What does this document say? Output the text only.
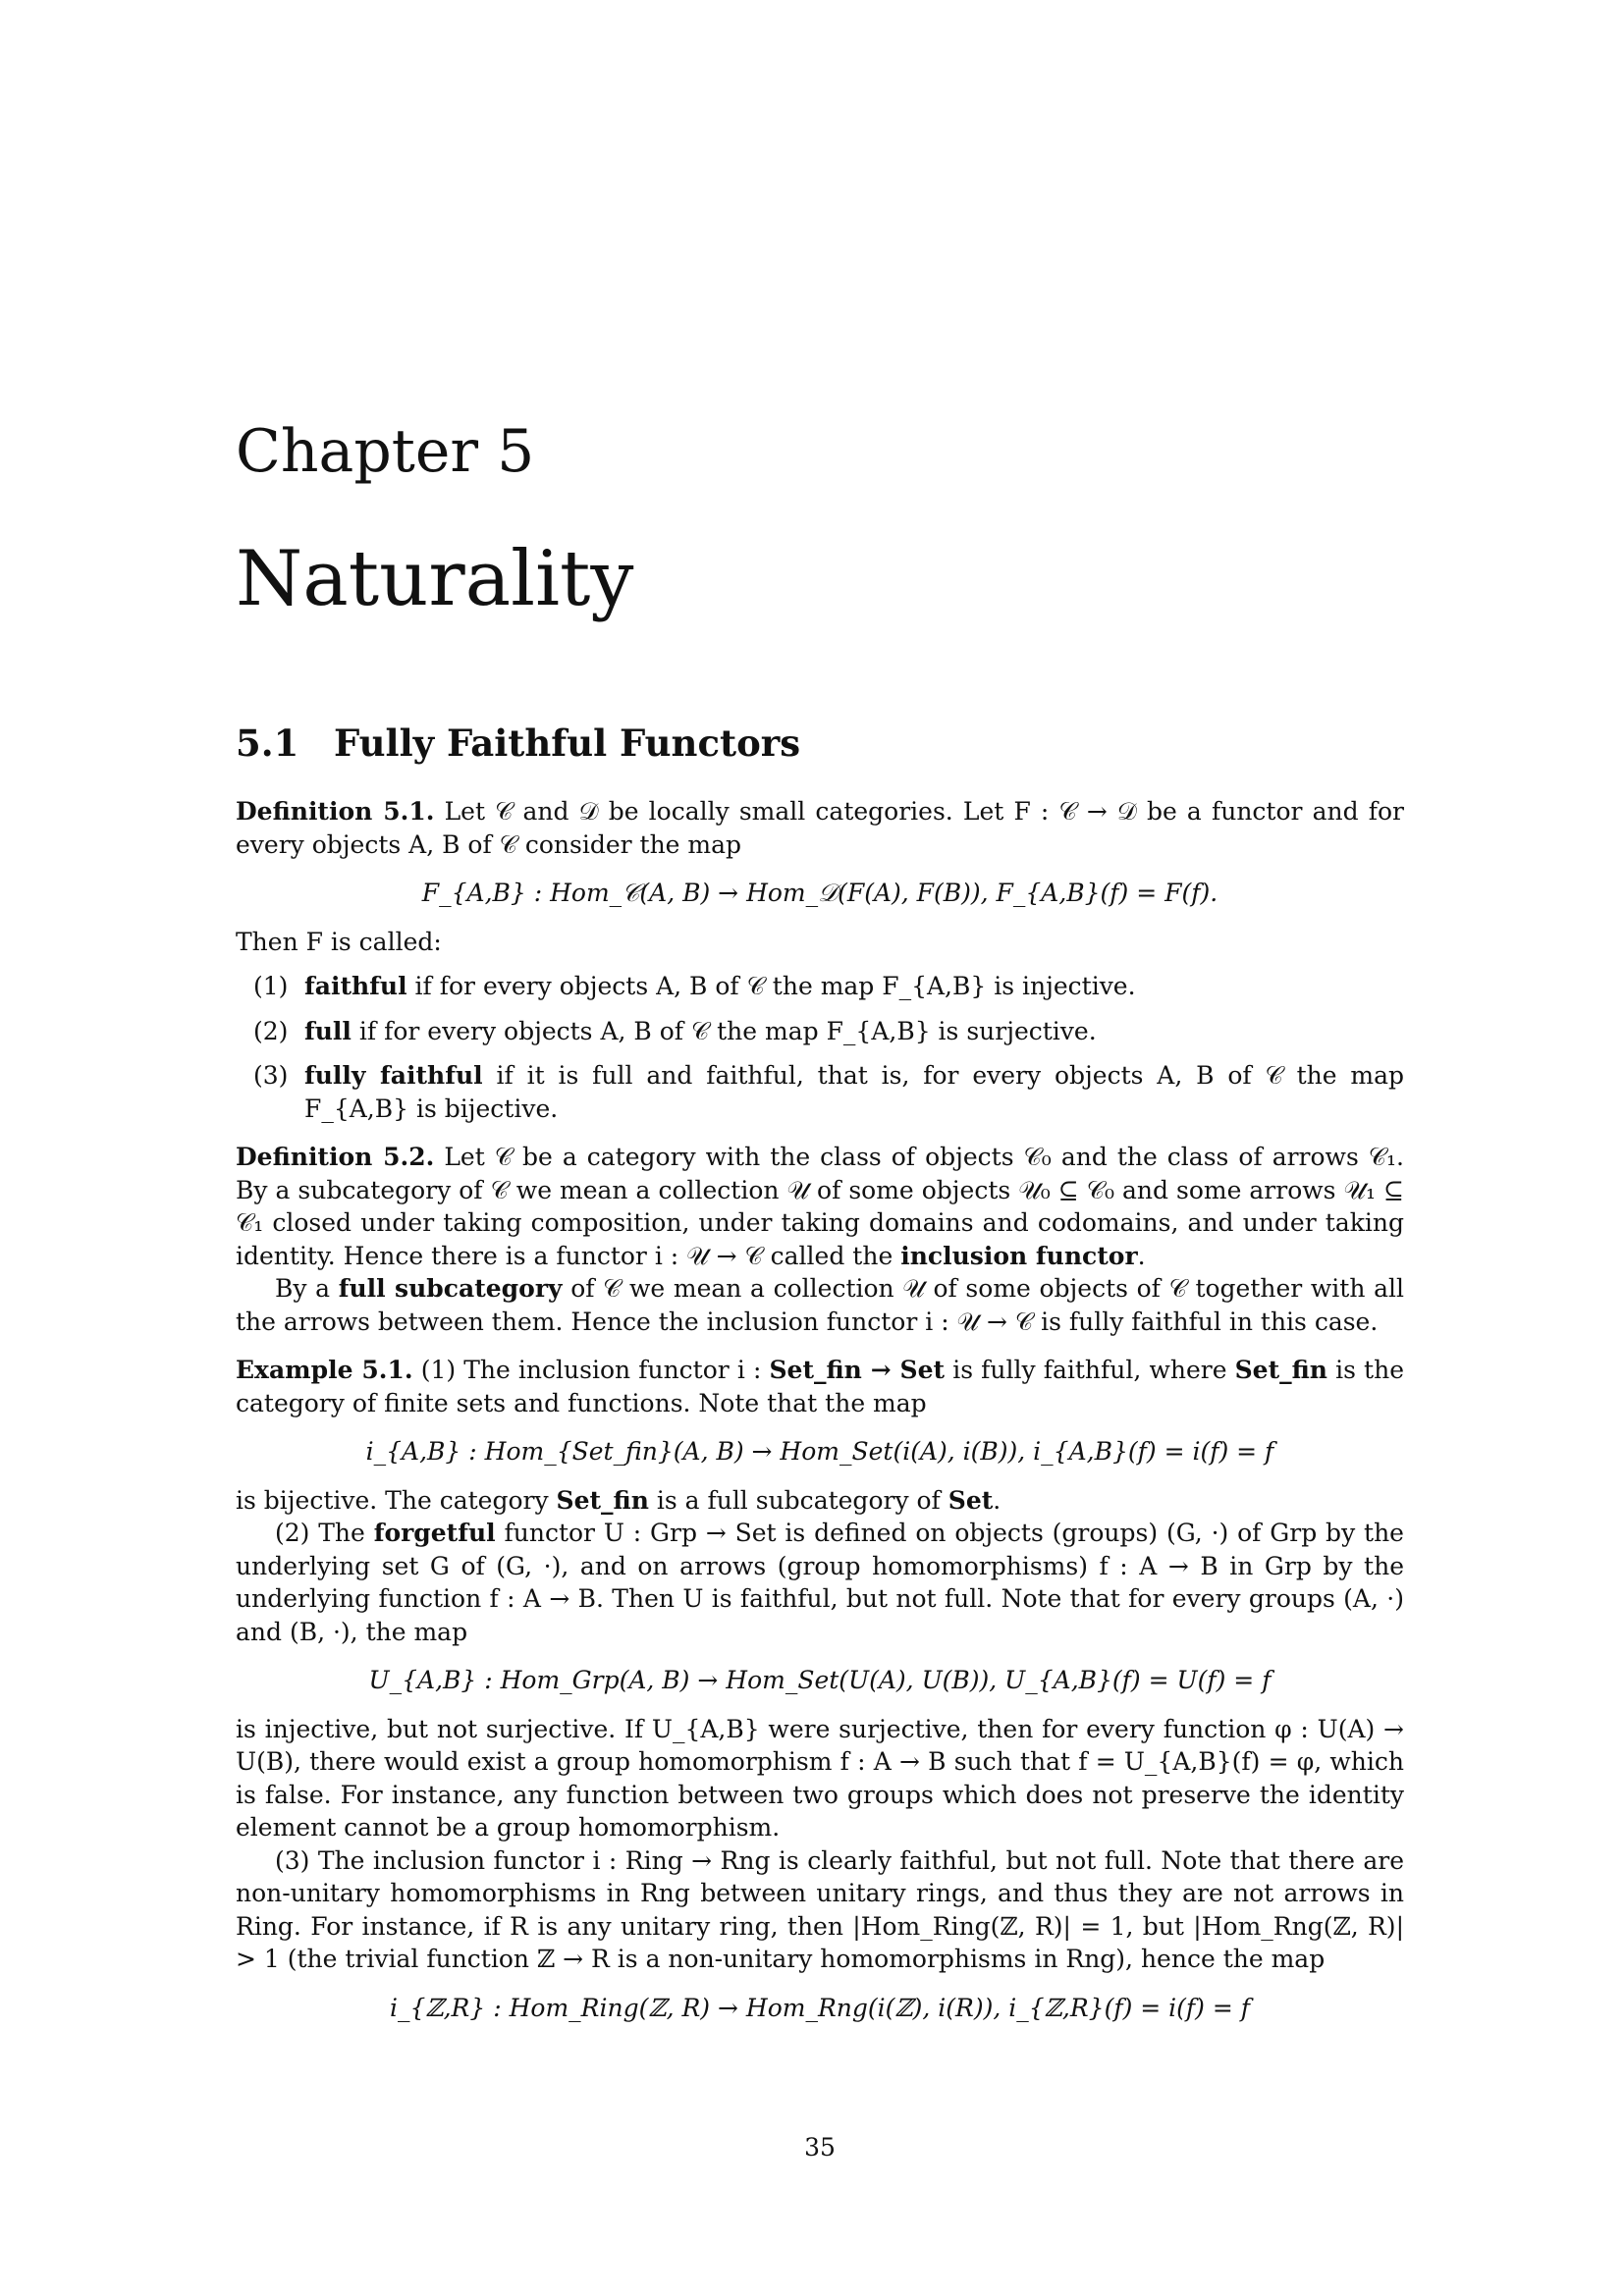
Chapter 5
Naturality
5.1 Fully Faithful Functors

Definition 5.1. Let 𝒞 and 𝒟 be locally small categories. Let F : 𝒞 → 𝒟 be a functor and for every objects A, B of 𝒞 consider the map

F_{A,B} : Hom_𝒞(A, B) → Hom_𝒟(F(A), F(B)), F_{A,B}(f) = F(f).

Then F is called:

(1) faithful if for every objects A, B of 𝒞 the map F_{A,B} is injective.
(2) full if for every objects A, B of 𝒞 the map F_{A,B} is surjective.
(3) fully faithful if it is full and faithful, that is, for every objects A, B of 𝒞 the map F_{A,B} is bijective.

Definition 5.2. Let 𝒞 be a category with the class of objects 𝒞₀ and the class of arrows 𝒞₁. By a subcategory of 𝒞 we mean a collection 𝒰 of some objects 𝒰₀ ⊆ 𝒞₀ and some arrows 𝒰₁ ⊆ 𝒞₁ closed under taking composition, under taking domains and codomains, and under taking identity. Hence there is a functor i : 𝒰 → 𝒞 called the inclusion functor.

By a full subcategory of 𝒞 we mean a collection 𝒰 of some objects of 𝒞 together with all the arrows between them. Hence the inclusion functor i : 𝒰 → 𝒞 is fully faithful in this case.

Example 5.1. (1) The inclusion functor i : Set_fin → Set is fully faithful, where Set_fin is the category of finite sets and functions. Note that the map

i_{A,B} : Hom_{Set_fin}(A, B) → Hom_Set(i(A), i(B)), i_{A,B}(f) = i(f) = f

is bijective. The category Set_fin is a full subcategory of Set.

(2) The forgetful functor U : Grp → Set is defined on objects (groups) (G, ·) of Grp by the underlying set G of (G, ·), and on arrows (group homomorphisms) f : A → B in Grp by the underlying function f : A → B. Then U is faithful, but not full. Note that for every groups (A, ·) and (B, ·), the map

U_{A,B} : Hom_Grp(A, B) → Hom_Set(U(A), U(B)), U_{A,B}(f) = U(f) = f

is injective, but not surjective. If U_{A,B} were surjective, then for every function φ : U(A) → U(B), there would exist a group homomorphism f : A → B such that f = U_{A,B}(f) = φ, which is false. For instance, any function between two groups which does not preserve the identity element cannot be a group homomorphism.

(3) The inclusion functor i : Ring → Rng is clearly faithful, but not full. Note that there are non-unitary homomorphisms in Rng between unitary rings, and thus they are not arrows in Ring. For instance, if R is any unitary ring, then |Hom_Ring(ℤ, R)| = 1, but |Hom_Rng(ℤ, R)| > 1 (the trivial function ℤ → R is a non-unitary homomorphisms in Rng), hence the map

i_{ℤ,R} : Hom_Ring(ℤ, R) → Hom_Rng(i(ℤ), i(R)), i_{ℤ,R}(f) = i(f) = f
35
